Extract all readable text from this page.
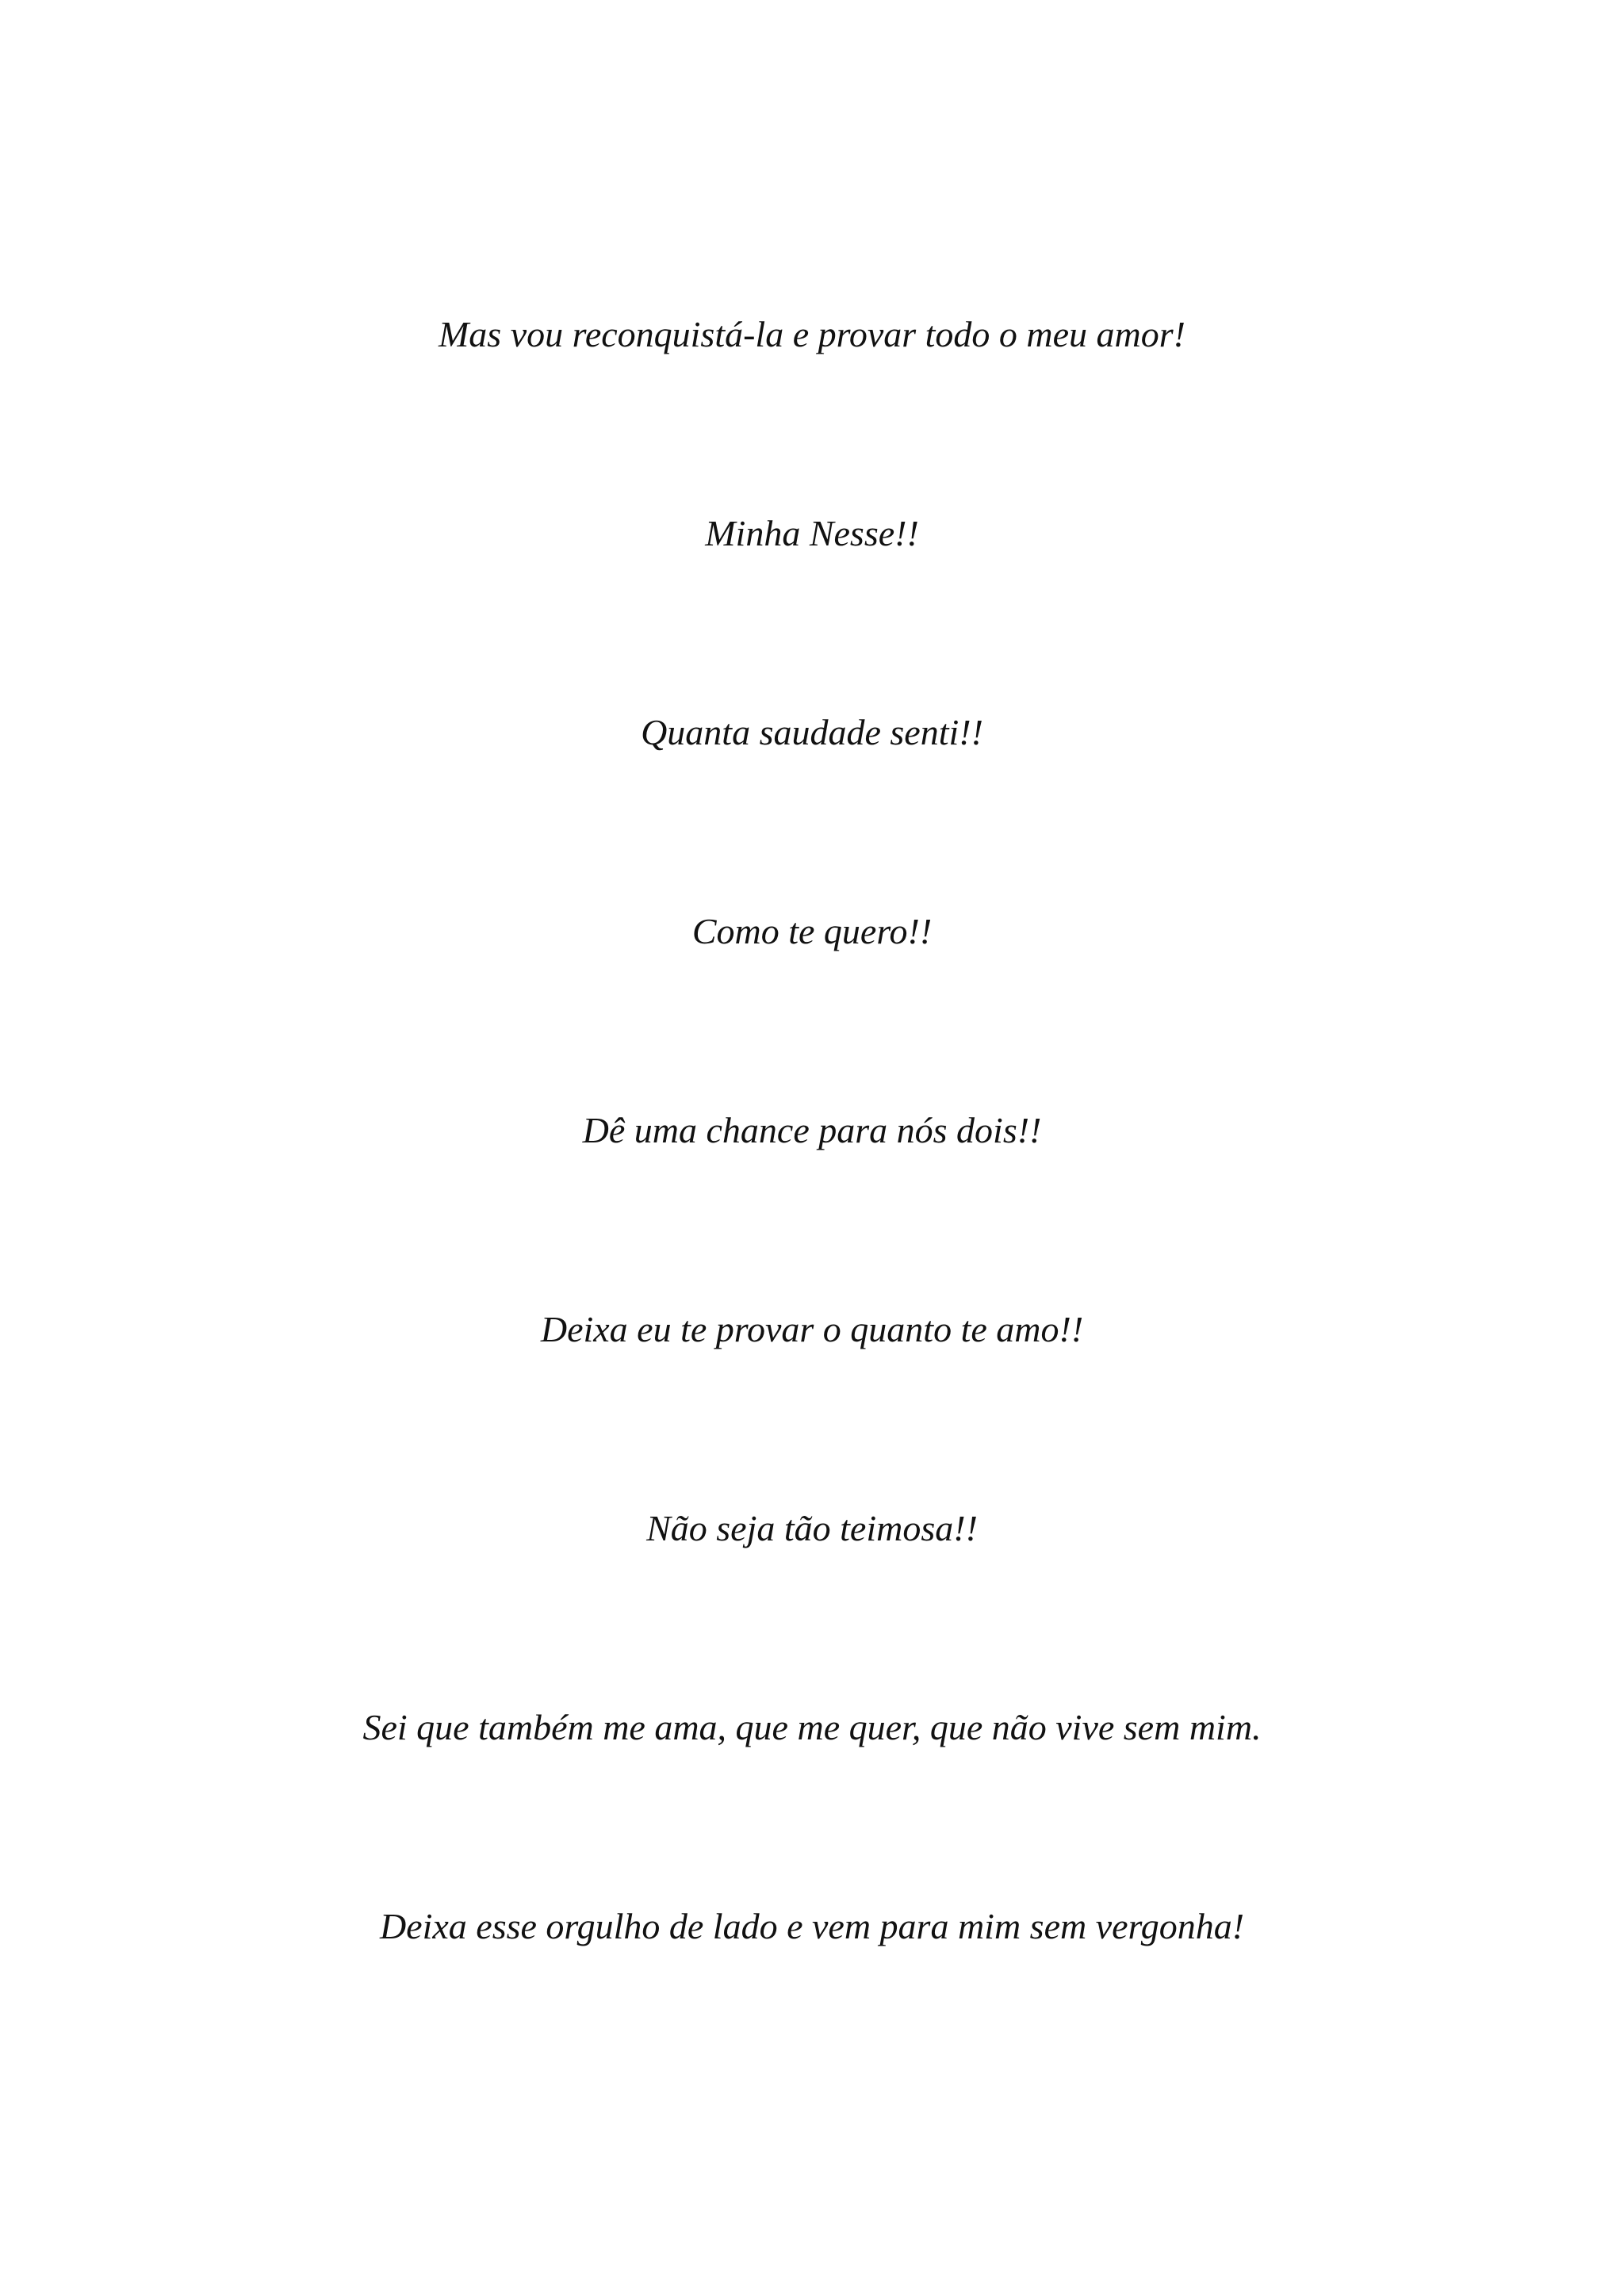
Mas vou reconquistá-la e provar todo o meu amor!

Minha Nesse!!

Quanta saudade senti!!

Como te quero!!

Dê uma chance para nós dois!!

Deixa eu te provar o quanto te amo!!

Não seja tão teimosa!!

Sei que também me ama, que me quer, que não vive sem mim.

Deixa esse orgulho de lado e vem para mim sem vergonha!
